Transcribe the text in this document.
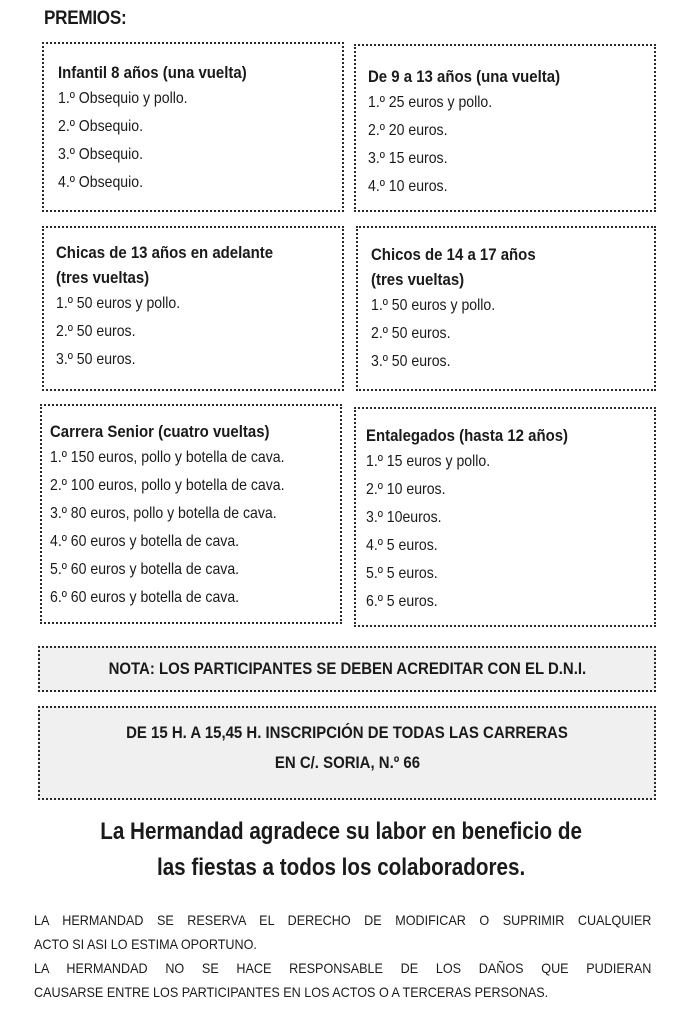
PREMIOS:
Infantil 8 años (una vuelta)
1.º Obsequio y pollo.
2.º Obsequio.
3.º Obsequio.
4.º Obsequio.
De 9 a 13 años (una vuelta)
1.º 25 euros y pollo.
2.º 20 euros.
3.º 15 euros.
4.º 10 euros.
Chicas de 13 años en adelante
(tres vueltas)
1.º 50 euros y pollo.
2.º 50 euros.
3.º 50 euros.
Chicos de 14 a 17 años
(tres vueltas)
1.º 50 euros y pollo.
2.º 50 euros.
3.º 50 euros.
Carrera Senior (cuatro vueltas)
1.º 150 euros, pollo y botella de cava.
2.º 100 euros, pollo y botella de cava.
3.º 80 euros, pollo y botella de cava.
4.º 60 euros y botella de cava.
5.º 60 euros y botella de cava.
6.º 60 euros y botella de cava.
Entalegados (hasta 12 años)
1.º 15 euros y pollo.
2.º 10 euros.
3.º 10euros.
4.º 5 euros.
5.º 5 euros.
6.º 5 euros.
NOTA: LOS PARTICIPANTES SE DEBEN ACREDITAR CON EL D.N.I.
DE 15 H. A 15,45 H. INSCRIPCIÓN DE TODAS LAS CARRERAS
EN C/. SORIA, N.º 66
La Hermandad agradece su labor en beneficio de
las fiestas a todos los colaboradores.
LA HERMANDAD SE RESERVA EL DERECHO DE MODIFICAR O SUPRIMIR CUALQUIER
ACTO SI ASI LO ESTIMA OPORTUNO.
LA HERMANDAD NO SE HACE RESPONSABLE DE LOS DAÑOS QUE PUDIERAN
CAUSARSE ENTRE LOS PARTICIPANTES EN LOS ACTOS O A TERCERAS PERSONAS.
